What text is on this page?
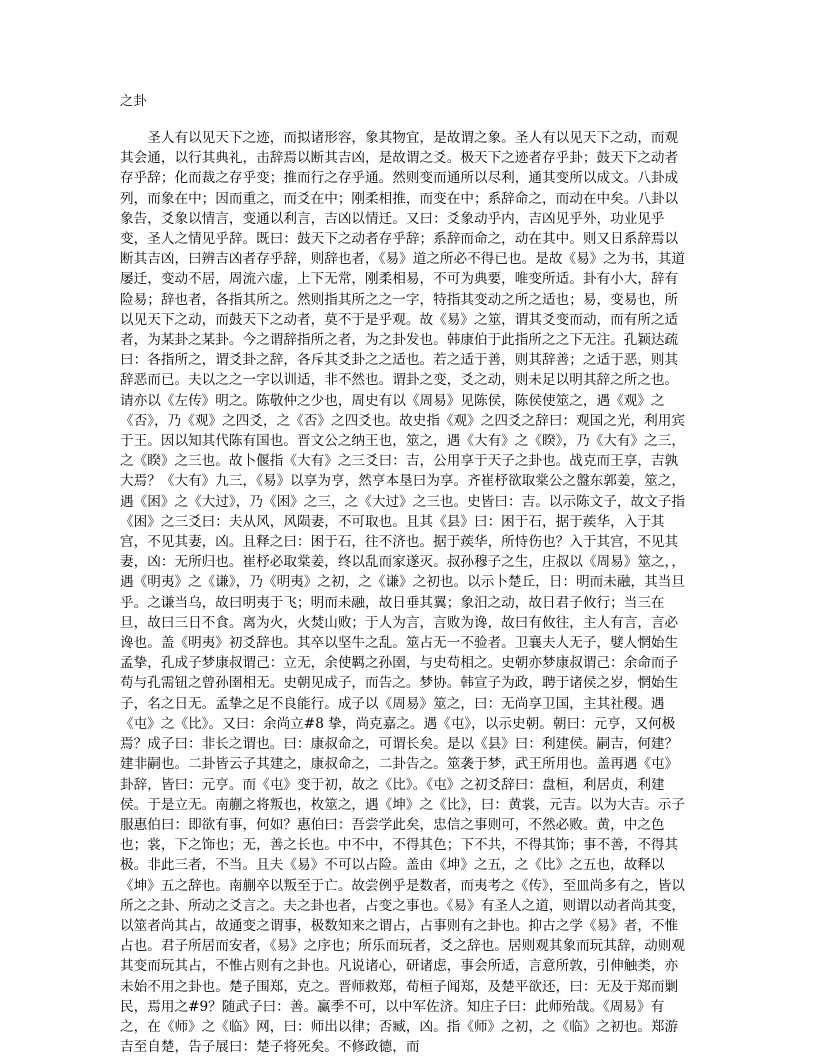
之卦
　　圣人有以见天下之迹，而拟诸形容，象其物宜，是故谓之象。圣人有以见天下之动，而观其会通，以行其典礼，击辞焉以断其吉凶，是故谓之爻。极天下之迹者存乎卦；鼓天下之动者存乎辞；化而裁之存乎变；推而行之存乎通。然则变而通所以尽利，通其变所以成文。八卦成列，而象在中；因而重之，而爻在中；刚柔相推，而变在中；系辞命之，而动在中矣。八卦以象告，爻象以情言，变通以利言，吉凶以情迁。又曰：爻象动乎内，吉凶见乎外，功业见乎变，圣人之情见乎辞。既曰：鼓天下之动者存乎辞；系辞而命之，动在其中。则又日系辞焉以断其吉凶，曰辨吉凶者存乎辞，则辞也者，《易》道之所必不得已也。是故《易》之为书，其道屡迁，变动不居，周流六虚，上下无常，刚柔相易，不可为典要，唯变所适。卦有小大，辞有险易；辞也者，各指其所之。然则指其所之之一字，特指其变动之所之适也；易，变易也，所以见天下之动，而鼓天下之动者，莫不于是乎观。故《易》之筮，谓其爻变而动，而有所之适者，为某卦之某卦。今之谓辞指所之者，为之卦发也。韩康伯于此指所之之下无注。孔颖达疏曰：各指所之，谓爻卦之辞，各斥其爻卦之之适也。若之适于善，则其辞善；之适于恶，则其辞恶而已。夫以之之一字以训适，非不然也。谓卦之变，爻之动，则未足以明其辞之所之也。请亦以《左传》明之。陈敬仲之少也，周史有以《周易》见陈侯，陈侯使筮之，遇《观》之《否》，乃《观》之四爻，之《否》之四爻也。故史指《观》之四爻之辞曰：观国之光，利用宾于王。因以知其代陈有国也。晋文公之纳王也，筮之，遇《大有》之《睽》，乃《大有》之三，之《睽》之三也。故卜偃指《大有》之三爻曰：吉，公用享于天子之卦也。战克而王享，吉孰大焉？《大有》九三，《易》以享为亨，然亨本垦曰为享。齐崔杼欲取棠公之盤东郭姜，筮之，遇《困》之《大过》，乃《困》之三，之《大过》之三也。史皆曰：吉。以示陈文子，故文子指《困》之三爻曰：夫从风，风陨妻，不可取也。且其《县》曰：困于石，据于蒺华，入于其宫，不见其妻，凶。且释之曰：困于石，往不济也。据于蒺华，所恃伤也？入于其宫，不见其妻，凶：无所归也。崔杼必取棠姜，终以乱而家遂灭。叔孙穆子之生，庄叔以《周易》筮之，，遇《明夷》之《谦》，乃《明夷》之初，之《谦》之初也。以示卜楚丘，日：明而未融，其当旦乎。之谦当乌，故曰明夷于飞；明而未融，故日垂其翼；象汨之动，故日君子攸行；当三在旦，故曰三日不食。离为火，火焚山败；于人为言，言败为谗，故曰有攸往，主人有言，言必谗也。盖《明夷》初爻辞也。其卒以坚牛之乱。筮占无一不验者。卫襄夫人无子，嬖人惘始生孟挚，孔成子梦康叔谓己：立无，余使羁之孙圉，与史苟相之。史朝亦梦康叔谓己：余命而子苟与孔需钮之曾孙圉相无。史朝见成子，而告之。梦协。韩宣子为政，聘于诸侯之岁，惘始生子，名之日无。孟挚之足不良能行。成子以《周易》筮之，曰：无尚享卫国，主其社稷。遇《屯》之《比》。又曰：余尚立#8 挚，尚克嘉之。遇《屯》，以示史朝。朝曰：元亨，又何极焉？成子曰：非长之谓也。曰：康叔命之，可谓长矣。是以《县》曰：利建侯。嗣吉，何建？建非嗣也。二卦皆云子其建之，康叔命之，二卦告之。筮袭于梦，武王所用也。盖再遇《屯》卦辞，皆曰：元亨。而《屯》变于初，故之《比》。《屯》之初爻辞曰：盘桓，利居贞，利建侯。于是立无。南蒯之将叛也，枚筮之，遇《坤》之《比》，曰：黄裳，元吉。以为大吉。示子服惠伯曰：即欲有事，何如？惠伯曰：吾尝学此矣，忠信之事则可，不然必败。黄，中之色也；裳，下之饰也；无，善之长也。中不中，不得其色；下不共，不得其饰；事不善，不得其极。非此三者，不当。且夫《易》不可以占险。盖由《坤》之五，之《比》之五也，故释以《坤》五之辞也。南蒯卒以叛至于亡。故尝例乎是数者，而夷考之《传》，至皿尚多有之，皆以所之之卦、所动之爻言之。夫之卦也者，占变之事也。《易》有圣人之道，则谓以动者尚其变，以筮者尚其占，故通变之谓事，极数知来之谓占，占事则有之卦也。抑古之学《易》者，不惟占也。君子所居而安者，《易》之序也；所乐而玩者，爻之辞也。居则观其象而玩其辞，动则观其变而玩其占，不惟占则有之卦也。凡说诸心，研诸虑，事会所适，言意所敦，引伸触类，亦未始不用之卦也。楚子围郑，克之。晋师救郑，荀桓子闻郑，及楚平欲还，曰：无及于郑而剿民，焉用之#9？随武子曰：善。赢季不可，以中军佐济。知庄子曰：此师殆哉。《周易》有之，在《师》之《临》网，曰：师出以律；否臧，凶。指《师》之初，之《临》之初也。郑游吉至自楚，告子展曰：楚子将死矣。不修政德，而
